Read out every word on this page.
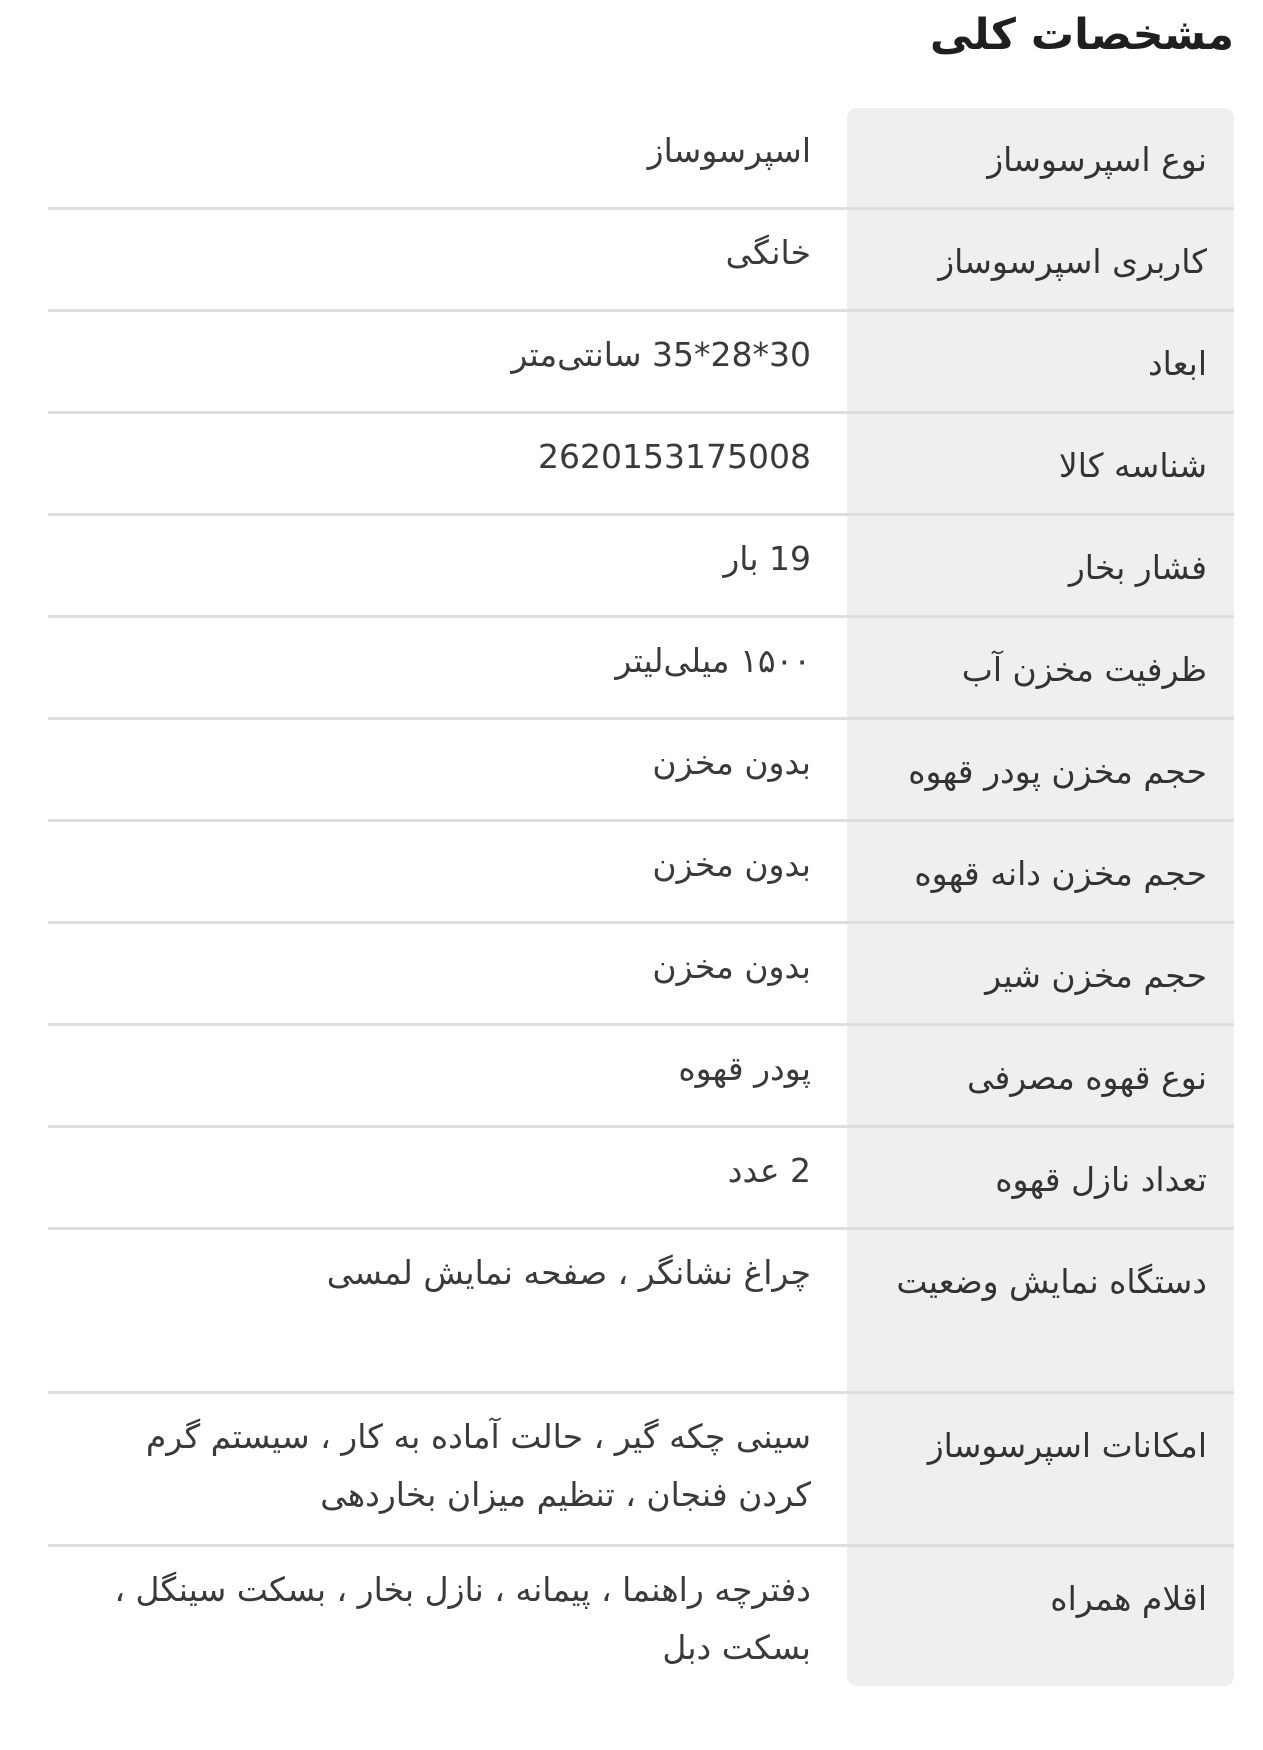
مشخصات کلی
نوع اسپرسوساز
اسپرسوساز
کاربری اسپرسوساز
خانگی
ابعاد
30*28*35 سانتی‌متر
شناسه کالا
2620153175008
فشار بخار
19 بار
ظرفیت مخزن آب
۱۵۰۰ میلی‌لیتر
حجم مخزن پودر قهوه
بدون مخزن
حجم مخزن دانه قهوه
بدون مخزن
حجم مخزن شیر
بدون مخزن
نوع قهوه مصرفی
پودر قهوه
تعداد نازل قهوه
2 عدد
دستگاه نمایش وضعیت
چراغ نشانگر ، صفحه نمایش لمسی
امکانات اسپرسوساز
سینی چکه گیر ، حالت آماده به کار ، سیستم گرم کردن فنجان ، تنظیم میزان بخاردهی
اقلام همراه
دفترچه راهنما ، پیمانه ، نازل بخار ، بسکت سینگل ، بسکت دبل
